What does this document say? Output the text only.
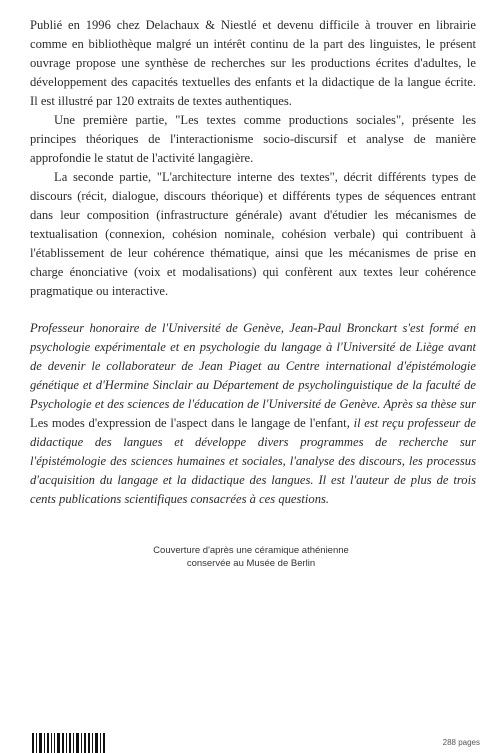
Publié en 1996 chez Delachaux & Niestlé et devenu difficile à trouver en librairie comme en bibliothèque malgré un intérêt continu de la part des linguistes, le présent ouvrage propose une synthèse de recherches sur les productions écrites d'adultes, le développement des capacités textuelles des enfants et la didactique de la langue écrite. Il est illustré par 120 extraits de textes authentiques.

Une première partie, "Les textes comme productions sociales", présente les principes théoriques de l'interactionisme socio-discursif et analyse de manière approfondie le statut de l'activité langagière.

La seconde partie, "L'architecture interne des textes", décrit différents types de discours (récit, dialogue, discours théorique) et différents types de séquences entrant dans leur composition (infrastructure générale) avant d'étudier les mécanismes de textualisation (connexion, cohésion nominale, cohésion verbale) qui contribuent à l'établissement de leur cohérence thématique, ainsi que les mécanismes de prise en charge énonciative (voix et modalisations) qui confèrent aux textes leur cohérence pragmatique ou interactive.

Professeur honoraire de l'Université de Genève, Jean-Paul Bronckart s'est formé en psychologie expérimentale et en psychologie du langage à l'Université de Liège avant de devenir le collaborateur de Jean Piaget au Centre international d'épistémologie génétique et d'Hermine Sinclair au Département de psycholinguistique de la faculté de Psychologie et des sciences de l'éducation de l'Université de Genève. Après sa thèse sur Les modes d'expression de l'aspect dans le langage de l'enfant, il est reçu professeur de didactique des langues et développe divers programmes de recherche sur l'épistémologie des sciences humaines et sociales, l'analyse des discours, les processus d'acquisition du langage et la didactique des langues. Il est l'auteur de plus de trois cents publications scientifiques consacrées à ces questions.

Couverture d'après une céramique athénienne
conservée au Musée de Berlin
288 pages
